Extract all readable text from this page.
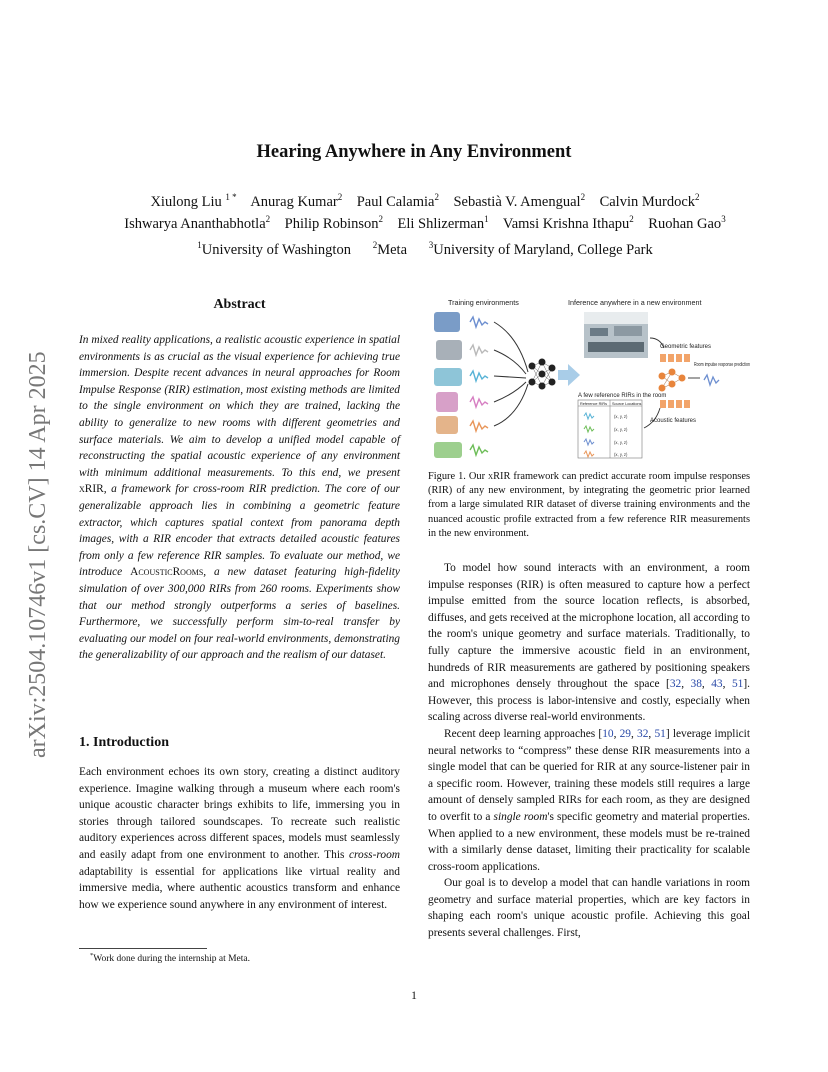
arXiv:2504.10746v1 [cs.CV] 14 Apr 2025
Hearing Anywhere in Any Environment
Xiulong Liu $^{1 *}$ Anurag Kumar$^2$ Paul Calamia$^2$ Sebastià V. Amengual$^2$ Calvin Murdock$^2$
Ishwarya Ananthabhotla$^2$ Philip Robinson$^2$ Eli Shlizerman$^1$ Vamsi Krishna Ithapu$^2$ Ruohan Gao$^3$
$^1$University of Washington $^2$Meta $^3$University of Maryland, College Park
Abstract
In mixed reality applications, a realistic acoustic experience in spatial environments is as crucial as the visual experience for achieving true immersion. Despite recent advances in neural approaches for Room Impulse Response (RIR) estimation, most existing methods are limited to the single environment on which they are trained, lacking the ability to generalize to new rooms with different geometries and surface materials. We aim to develop a unified model capable of reconstructing the spatial acoustic experience of any environment with minimum additional measurements. To this end, we present xRIR, a framework for cross-room RIR prediction. The core of our generalizable approach lies in combining a geometric feature extractor, which captures spatial context from panorama depth images, with a RIR encoder that extracts detailed acoustic features from only a few reference RIR samples. To evaluate our method, we introduce AcousticRooms, a new dataset featuring high-fidelity simulation of over 300,000 RIRs from 260 rooms. Experiments show that our method strongly outperforms a series of baselines. Furthermore, we successfully perform sim-to-real transfer by evaluating our model on four real-world environments, demonstrating the generalizability of our approach and the realism of our dataset.
1. Introduction
Each environment echoes its own story, creating a distinct auditory experience. Imagine walking through a museum where each room's unique acoustic character brings exhibits to life, immersing you in stories through tailored soundscapes. To recreate such realistic auditory experiences across different spaces, models must seamlessly and easily adapt from one environment to another. This cross-room adaptability is essential for applications like virtual reality and immersive media, where authentic acoustics transform and enhance how we experience sound anywhere in any environment of interest.
*Work done during the internship at Meta.
Training environments	Inference anywhere in a new environment
Geometric features
Room impulse response prediction
A few reference RIRs in the room
Reference RIRs Source Locations
(x, y, z)
(x, y, z)
(x, y, z)
(x, y, z)
Acoustic features
Figure 1. Our xRIR framework can predict accurate room impulse responses (RIR) of any new environment, by integrating the geometric prior learned from a large simulated RIR dataset of diverse training environments and the nuanced acoustic profile extracted from a few reference RIR measurements in the new environment.

To model how sound interacts with an environment, a room impulse responses (RIR) is often measured to capture how a perfect impulse emitted from the source location reflects, is absorbed, diffuses, and gets received at the microphone location, all according to the room's unique geometry and surface materials. Traditionally, to fully capture the immersive acoustic field in an environment, hundreds of RIR measurements are gathered by positioning speakers and microphones densely throughout the space [32, 38, 43, 51]. However, this process is labor-intensive and costly, especially when scaling across diverse real-world environments.

Recent deep learning approaches [10, 29, 32, 51] leverage implicit neural networks to “compress” these dense RIR measurements into a single model that can be queried for RIR at any source-listener pair in a specific room. However, training these models still requires a large amount of densely sampled RIRs for each room, as they are designed to overfit to a single room's specific geometry and material properties. When applied to a new environment, these models must be re-trained with a similarly dense dataset, limiting their practicality for scalable cross-room applications.

Our goal is to develop a model that can handle variations in room geometry and surface material properties, which are key factors in shaping each room's unique acoustic profile. Achieving this goal presents several challenges. First,

1
